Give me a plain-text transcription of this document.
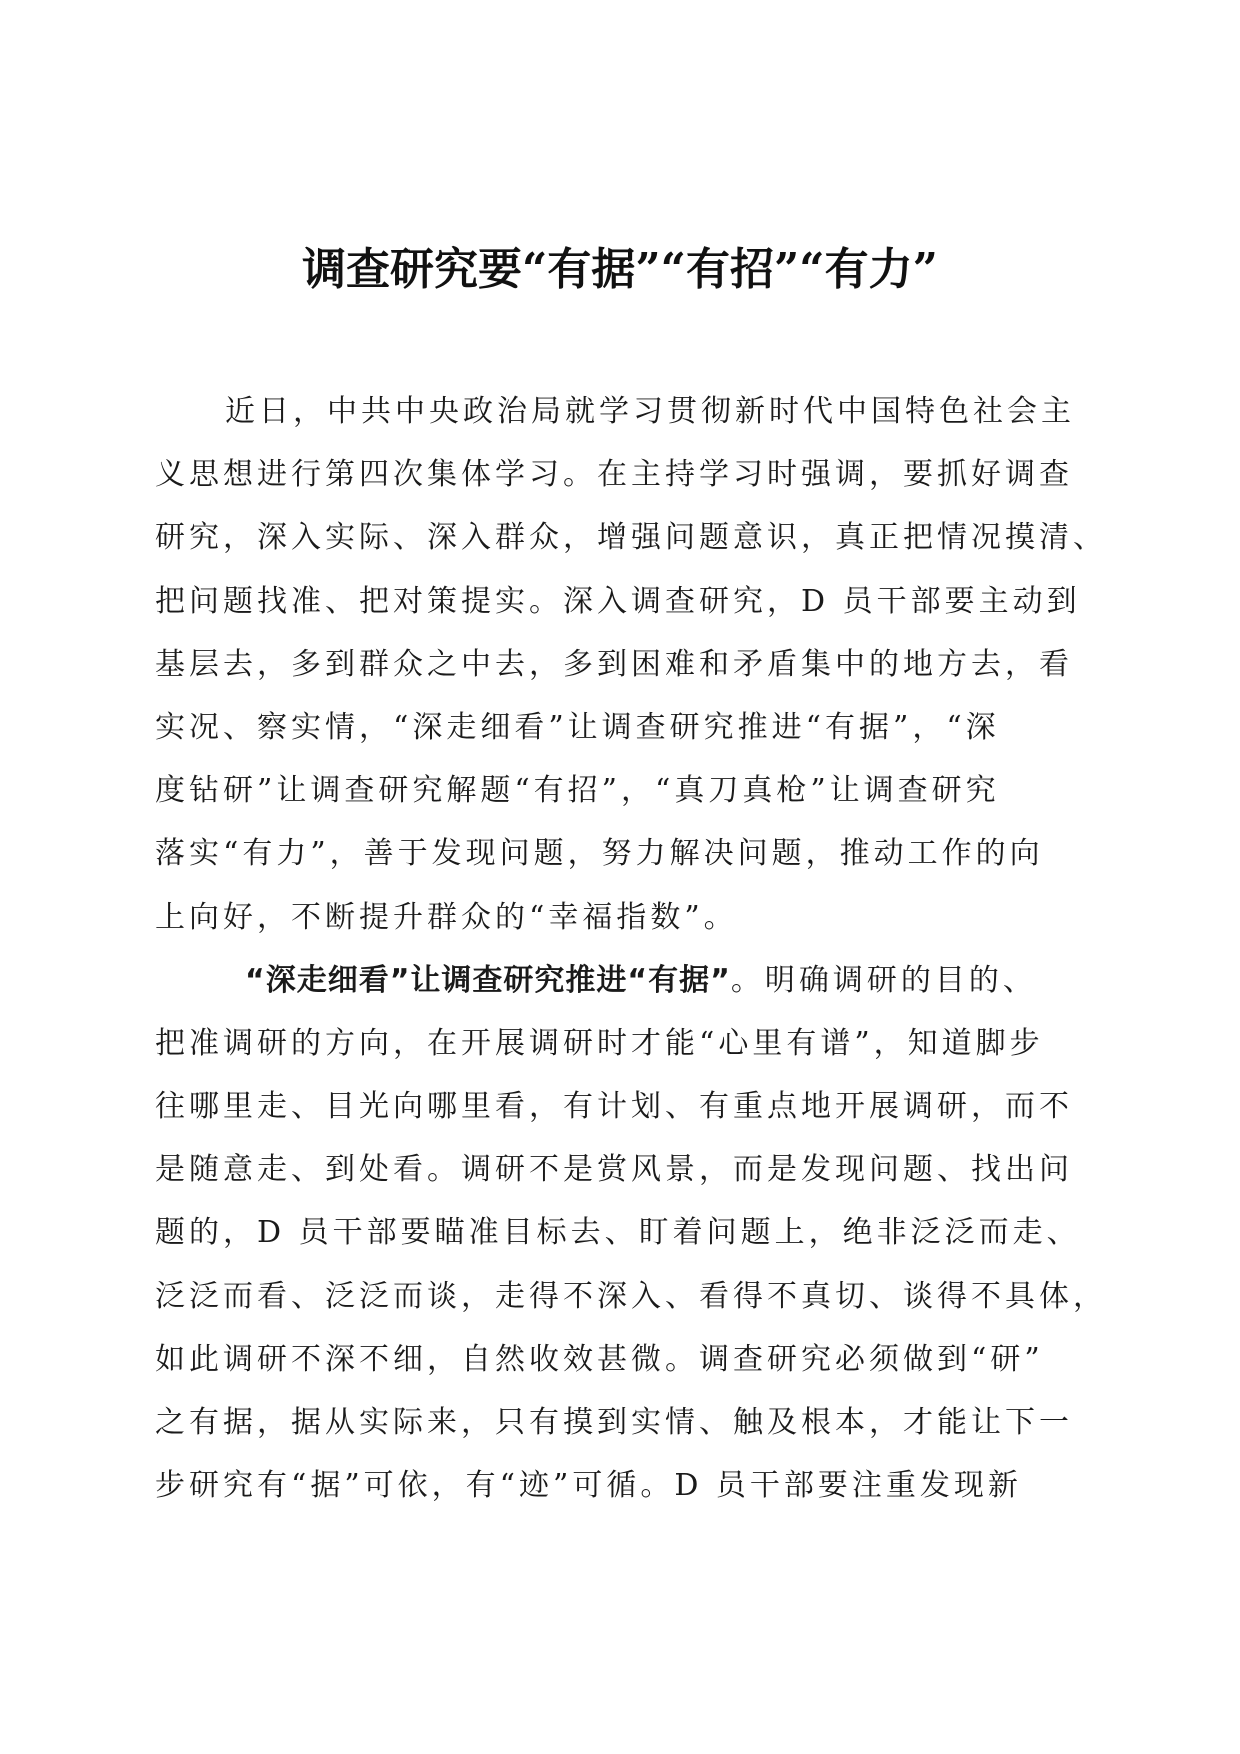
调查研究要“有据”“有招”“有力”
近日，中共中央政治局就学习贯彻新时代中国特色社会主
义思想进行第四次集体学习。在主持学习时强调，要抓好调查
研究，深入实际、深入群众，增强问题意识，真正把情况摸清、
把问题找准、把对策提实。深入调查研究，D 员干部要主动到
基层去，多到群众之中去，多到困难和矛盾集中的地方去，看
实况、察实情，“深走细看”让调查研究推进“有据”，“深
度钻研”让调查研究解题“有招”，“真刀真枪”让调查研究
落实“有力”，善于发现问题，努力解决问题，推动工作的向
上向好，不断提升群众的“幸福指数”。
“深走细看”让调查研究推进“有据”。明确调研的目的、
把准调研的方向，在开展调研时才能“心里有谱”，知道脚步
往哪里走、目光向哪里看，有计划、有重点地开展调研，而不
是随意走、到处看。调研不是赏风景，而是发现问题、找出问
题的，D 员干部要瞄准目标去、盯着问题上，绝非泛泛而走、
泛泛而看、泛泛而谈，走得不深入、看得不真切、谈得不具体，
如此调研不深不细，自然收效甚微。调查研究必须做到“研”
之有据，据从实际来，只有摸到实情、触及根本，才能让下一
步研究有“据”可依，有“迹”可循。D 员干部要注重发现新
